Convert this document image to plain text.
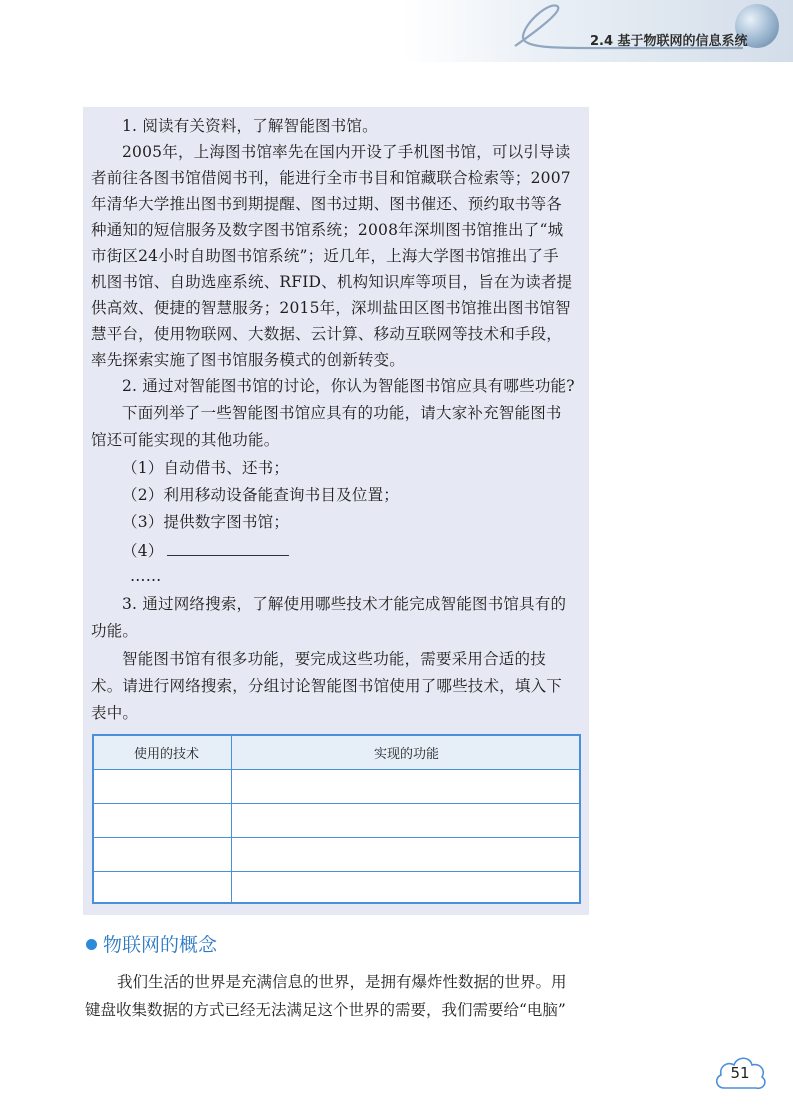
2.4 基于物联网的信息系统
1. 阅读有关资料，了解智能图书馆。
2005年，上海图书馆率先在国内开设了手机图书馆，可以引导读
者前往各图书馆借阅书刊，能进行全市书目和馆藏联合检索等；2007
年清华大学推出图书到期提醒、图书过期、图书催还、预约取书等各
种通知的短信服务及数字图书馆系统；2008年深圳图书馆推出了“城
市街区24小时自助图书馆系统”；近几年，上海大学图书馆推出了手
机图书馆、自助选座系统、RFID、机构知识库等项目，旨在为读者提
供高效、便捷的智慧服务；2015年，深圳盐田区图书馆推出图书馆智
慧平台，使用物联网、大数据、云计算、移动互联网等技术和手段，
率先探索实施了图书馆服务模式的创新转变。
2. 通过对智能图书馆的讨论，你认为智能图书馆应具有哪些功能?
下面列举了一些智能图书馆应具有的功能，请大家补充智能图书
馆还可能实现的其他功能。
（1）自动借书、还书；
（2）利用移动设备能查询书目及位置；
（3）提供数字图书馆；
（4）
……
3. 通过网络搜索，了解使用哪些技术才能完成智能图书馆具有的
功能。
智能图书馆有很多功能，要完成这些功能，需要采用合适的技
术。请进行网络搜索，分组讨论智能图书馆使用了哪些技术，填入下
表中。
使用的技术	实现的功能
物联网的概念
我们生活的世界是充满信息的世界，是拥有爆炸性数据的世界。用
键盘收集数据的方式已经无法满足这个世界的需要，我们需要给“电脑”
51
